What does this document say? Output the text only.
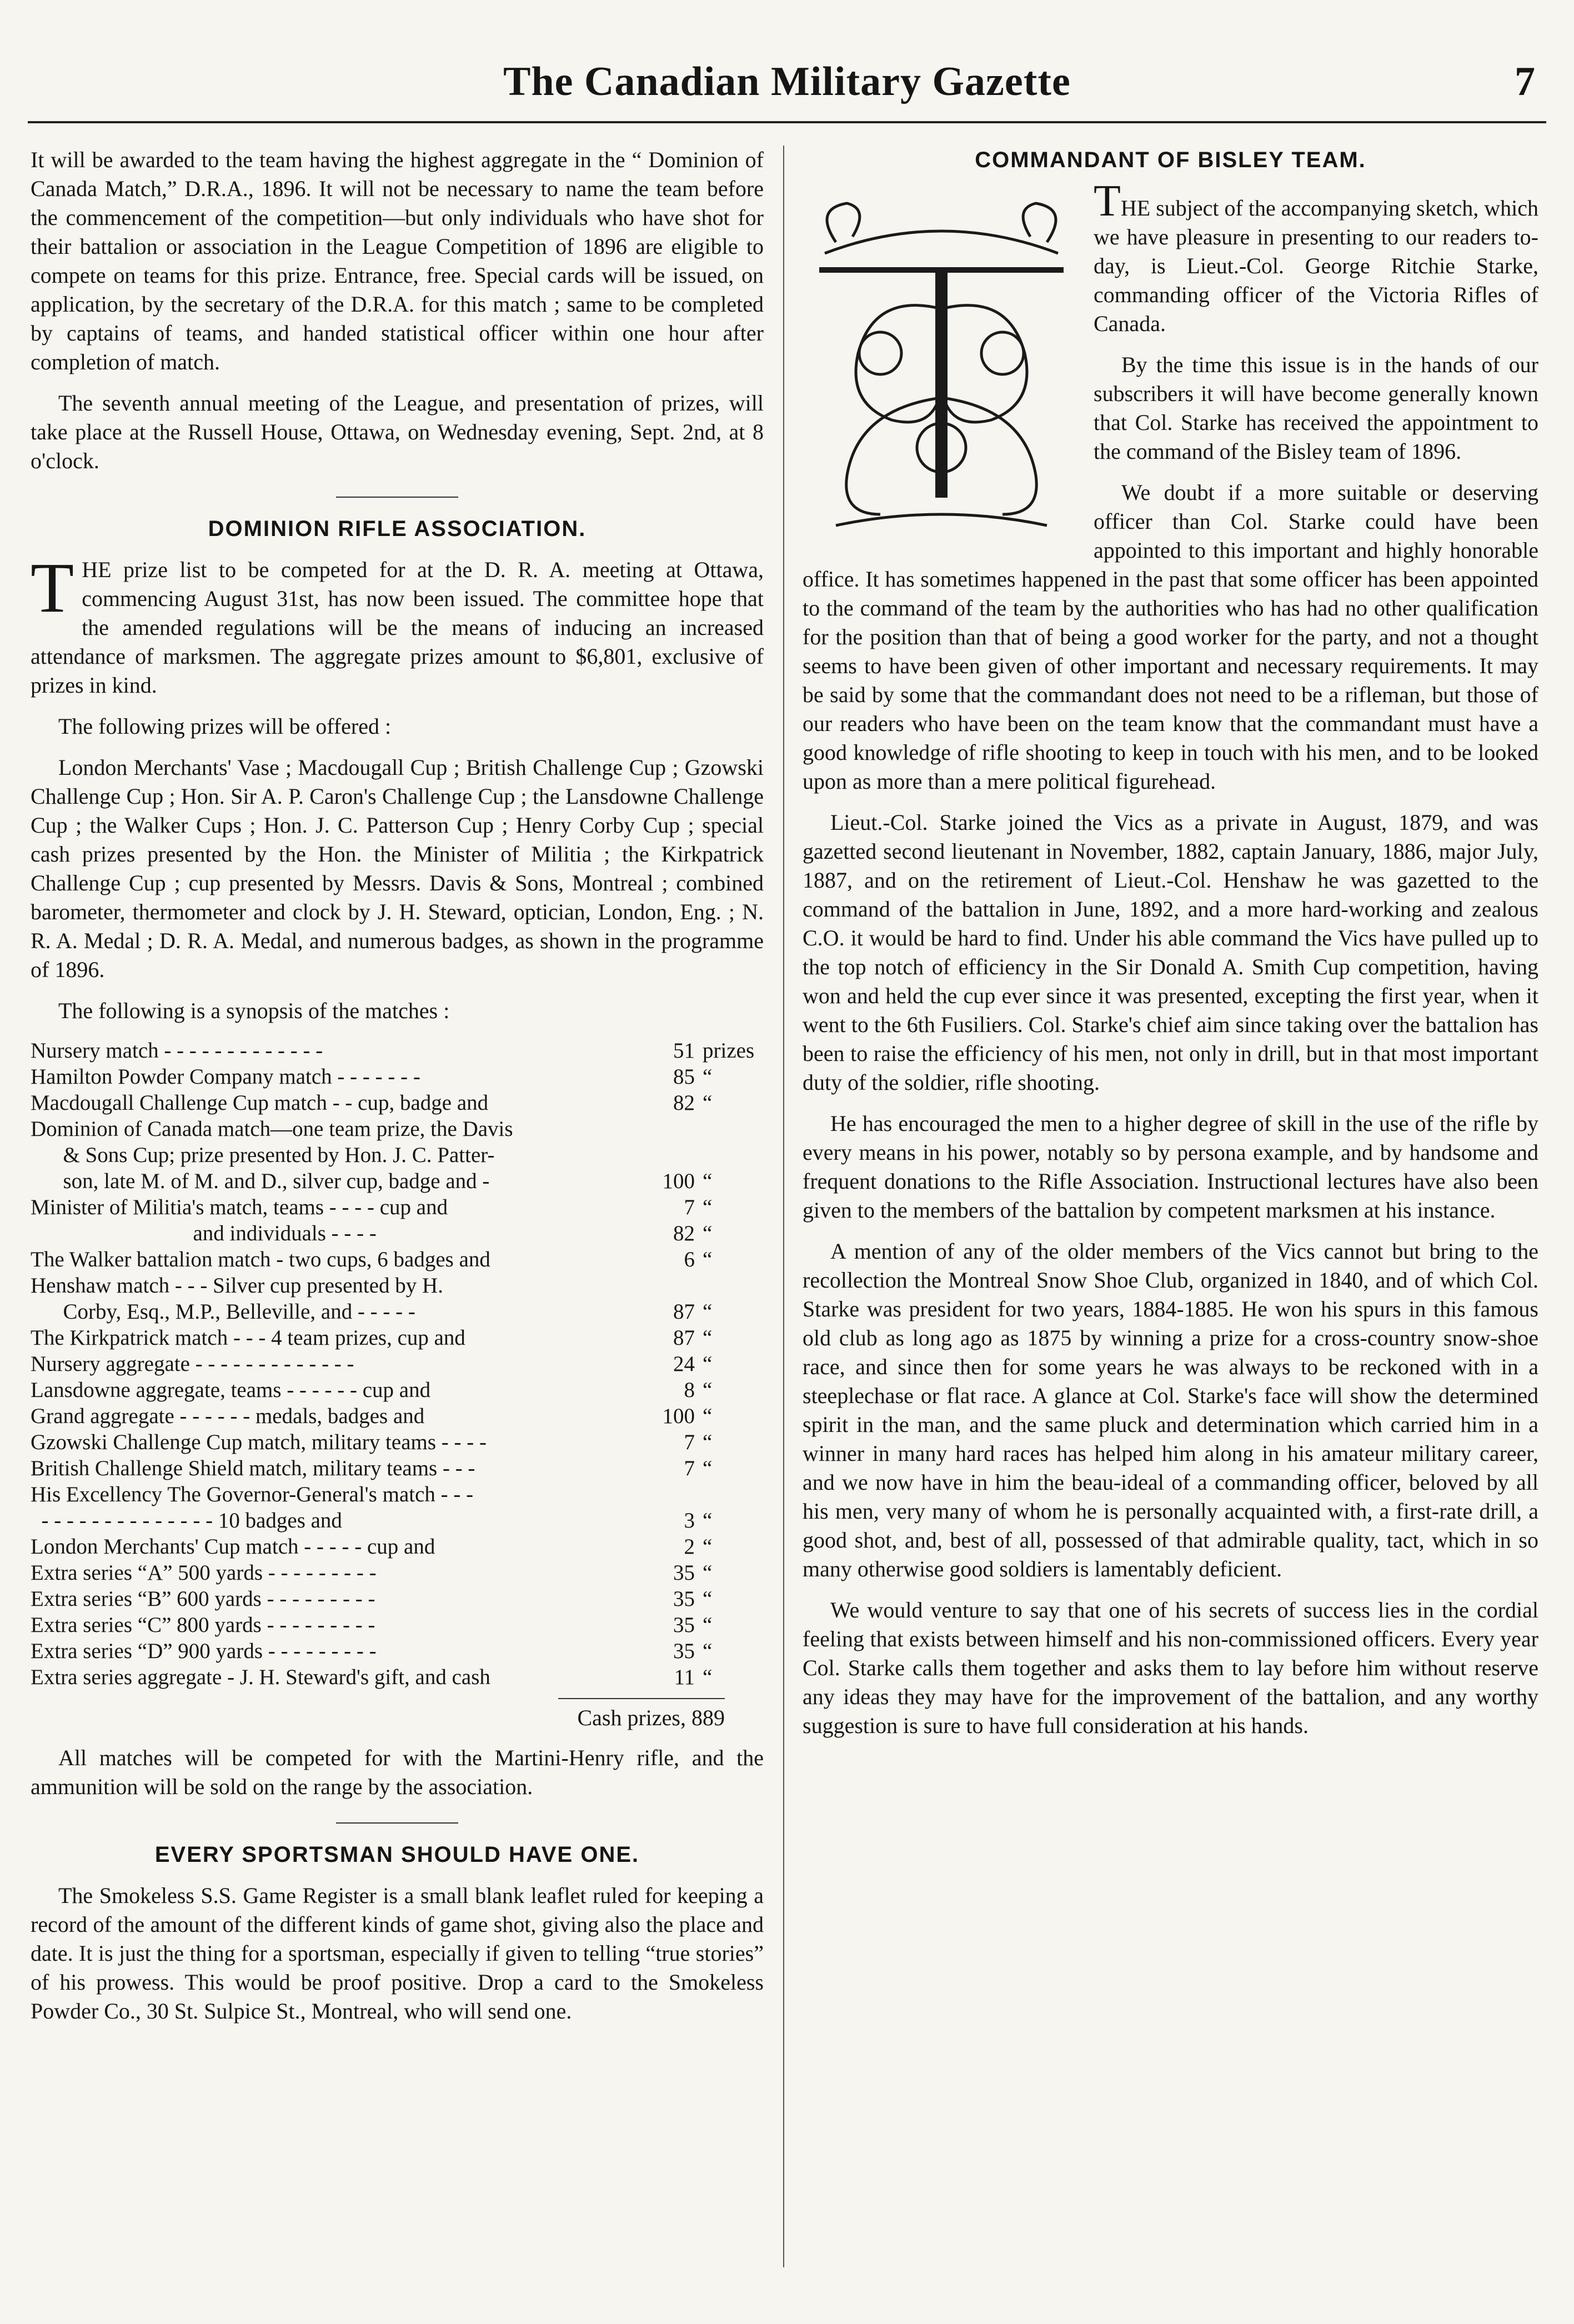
The Canadian Military Gazette	7

It will be awarded to the team having the highest aggregate in the “ Dominion of Canada Match,” D.R.A., 1896. It will not be necessary to name the team before the commencement of the competition—but only individuals who have shot for their battalion or association in the League Competition of 1896 are eligible to compete on teams for this prize. Entrance, free. Special cards will be issued, on application, by the secretary of the D.R.A. for this match ; same to be completed by captains of teams, and handed statistical officer within one hour after completion of match.

The seventh annual meeting of the League, and presentation of prizes, will take place at the Russell House, Ottawa, on Wednesday evening, Sept. 2nd, at 8 o'clock.

DOMINION RIFLE ASSOCIATION.

THE prize list to be competed for at the D. R. A. meeting at Ottawa, commencing August 31st, has now been issued. The committee hope that the amended regulations will be the means of inducing an increased attendance of marksmen. The aggregate prizes amount to $6,801, exclusive of prizes in kind.

The following prizes will be offered :

London Merchants' Vase ; Macdougall Cup ; British Challenge Cup ; Gzowski Challenge Cup ; Hon. Sir A. P. Caron's Challenge Cup ; the Lansdowne Challenge Cup ; the Walker Cups ; Hon. J. C. Patterson Cup ; Henry Corby Cup ; special cash prizes presented by the Hon. the Minister of Militia ; the Kirkpatrick Challenge Cup ; cup presented by Messrs. Davis & Sons, Montreal ; combined barometer, thermometer and clock by J. H. Steward, optician, London, Eng. ; N. R. A. Medal ; D. R. A. Medal, and numerous badges, as shown in the programme of 1896.

The following is a synopsis of the matches :

Nursery match - - - - - - - - - - - - -	51 prizes
Hamilton Powder Company match - - - - - - -	85 “
Macdougall Challenge Cup match - - cup, badge and	82 “
Dominion of Canada match—one team prize, the Davis
& Sons Cup; prize presented by Hon. J. C. Patter-
son, late M. of M. and D., silver cup, badge and -	100 “
Minister of Militia's match, teams - - - - cup and	7 “
and individuals - - - -	82 “
The Walker battalion match - two cups, 6 badges and	6 “
Henshaw match - - - Silver cup presented by H.
Corby, Esq., M.P., Belleville, and - - - - -	87 “
The Kirkpatrick match - - - 4 team prizes, cup and	87 “
Nursery aggregate - - - - - - - - - - - - -	24 “
Lansdowne aggregate, teams - - - - - - cup and	8 “
Grand aggregate - - - - - - medals, badges and	100 “
Gzowski Challenge Cup match, military teams - - - -	7 “
British Challenge Shield match, military teams - - -	7 “
His Excellency The Governor-General's match - - -
- - - - - - - - - - - - - - 10 badges and	3 “
London Merchants' Cup match - - - - - cup and	2 “
Extra series “A” 500 yards - - - - - - - - -	35 “
Extra series “B” 600 yards - - - - - - - - -	35 “
Extra series “C” 800 yards - - - - - - - - -	35 “
Extra series “D” 900 yards - - - - - - - - -	35 “
Extra series aggregate - J. H. Steward's gift, and cash	11 “
Cash prizes, 889

All matches will be competed for with the Martini-Henry rifle, and the ammunition will be sold on the range by the association.

EVERY SPORTSMAN SHOULD HAVE ONE.

The Smokeless S.S. Game Register is a small blank leaflet ruled for keeping a record of the amount of the different kinds of game shot, giving also the place and date. It is just the thing for a sportsman, especially if given to telling “true stories” of his prowess. This would be proof positive. Drop a card to the Smokeless Powder Co., 30 St. Sulpice St., Montreal, who will send one.

COMMANDANT OF BISLEY TEAM.

THE subject of the accompanying sketch, which we have pleasure in presenting to our readers to-day, is Lieut.-Col. George Ritchie Starke, commanding officer of the Victoria Rifles of Canada.

By the time this issue is in the hands of our subscribers it will have become generally known that Col. Starke has received the appointment to the command of the Bisley team of 1896.

We doubt if a more suitable or deserving officer than Col. Starke could have been appointed to this important and highly honorable office. It has sometimes happened in the past that some officer has been appointed to the command of the team by the authorities who has had no other qualification for the position than that of being a good worker for the party, and not a thought seems to have been given of other important and necessary requirements. It may be said by some that the commandant does not need to be a rifleman, but those of our readers who have been on the team know that the commandant must have a good knowledge of rifle shooting to keep in touch with his men, and to be looked upon as more than a mere political figurehead.

Lieut.-Col. Starke joined the Vics as a private in August, 1879, and was gazetted second lieutenant in November, 1882, captain January, 1886, major July, 1887, and on the retirement of Lieut.-Col. Henshaw he was gazetted to the command of the battalion in June, 1892, and a more hard-working and zealous C.O. it would be hard to find. Under his able command the Vics have pulled up to the top notch of efficiency in the Sir Donald A. Smith Cup competition, having won and held the cup ever since it was presented, excepting the first year, when it went to the 6th Fusiliers. Col. Starke's chief aim since taking over the battalion has been to raise the efficiency of his men, not only in drill, but in that most important duty of the soldier, rifle shooting.

He has encouraged the men to a higher degree of skill in the use of the rifle by every means in his power, notably so by persona example, and by handsome and frequent donations to the Rifle Association. Instructional lectures have also been given to the members of the battalion by competent marksmen at his instance.

A mention of any of the older members of the Vics cannot but bring to the recollection the Montreal Snow Shoe Club, organized in 1840, and of which Col. Starke was president for two years, 1884-1885. He won his spurs in this famous old club as long ago as 1875 by winning a prize for a cross-country snow-shoe race, and since then for some years he was always to be reckoned with in a steeplechase or flat race. A glance at Col. Starke's face will show the determined spirit in the man, and the same pluck and determination which carried him in a winner in many hard races has helped him along in his amateur military career, and we now have in him the beau-ideal of a commanding officer, beloved by all his men, very many of whom he is personally acquainted with, a first-rate drill, a good shot, and, best of all, possessed of that admirable quality, tact, which in so many otherwise good soldiers is lamentably deficient.

We would venture to say that one of his secrets of success lies in the cordial feeling that exists between himself and his non-commissioned officers. Every year Col. Starke calls them together and asks them to lay before him without reserve any ideas they may have for the improvement of the battalion, and any worthy suggestion is sure to have full consideration at his hands.
